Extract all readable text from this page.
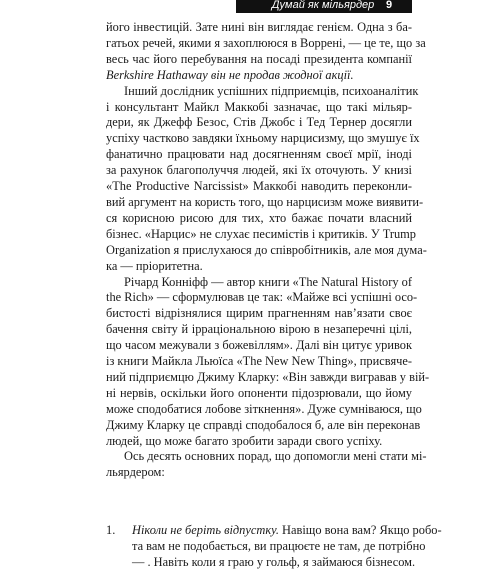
Думай як мільярдер	9
його інвестицій. Зате нині він виглядає генієм. Одна з ба-
гатьох речей, якими я захоплююся в Воррені, — це те, що за
весь час його перебування на посаді президента компанії
Berkshire Hathaway він не продав жодної акції.
Інший дослідник успішних підприємців, психоаналітик
і консультант Майкл Маккобі зазначає, що такі мільяр-
дери, як Джефф Безос, Стів Джобс і Тед Тернер досягли
успіху частково завдяки їхньому нарцисизму, що змушує їх
фанатично працювати над досягненням своєї мрії, іноді
за рахунок благополуччя людей, які їх оточують. У книзі
«The Productive Narcissist» Маккобі наводить переконли-
вий аргумент на користь того, що нарцисизм може виявити-
ся корисною рисою для тих, хто бажає почати власний
бізнес. «Нарцис» не слухає песимістів і критиків. У Trump
Organization я прислухаюся до співробітників, але моя дума-
ка — пріоритетна.
Річард Конніфф — автор книги «The Natural History of
the Rich» — сформулював це так: «Майже всі успішні осо-
бистості відрізнялися щирим прагненням нав’язати своє
бачення світу й ірраціональною вірою в незаперечні цілі,
що часом межували з божевіллям». Далі він цитує уривок
із книги Майкла Льюїса «The New New Thing», присвяче-
ний підприємцю Джиму Кларку: «Він завжди вигравав у вій-
ні нервів, оскільки його опоненти підозрювали, що йому
може сподобатися лобове зіткнення». Дуже сумніваюся, що
Джиму Кларку це справді сподобалося б, але він переконав
людей, що може багато зробити заради свого успіху.
Ось десять основних порад, що допомогли мені стати мі-
льярдером:
1. Ніколи не беріть відпустку. Навіщо вона вам? Якщо робо-
та вам не подобається, ви працюєте не там, де потрібно
— . Навіть коли я граю у гольф, я займаюся бізнесом.
